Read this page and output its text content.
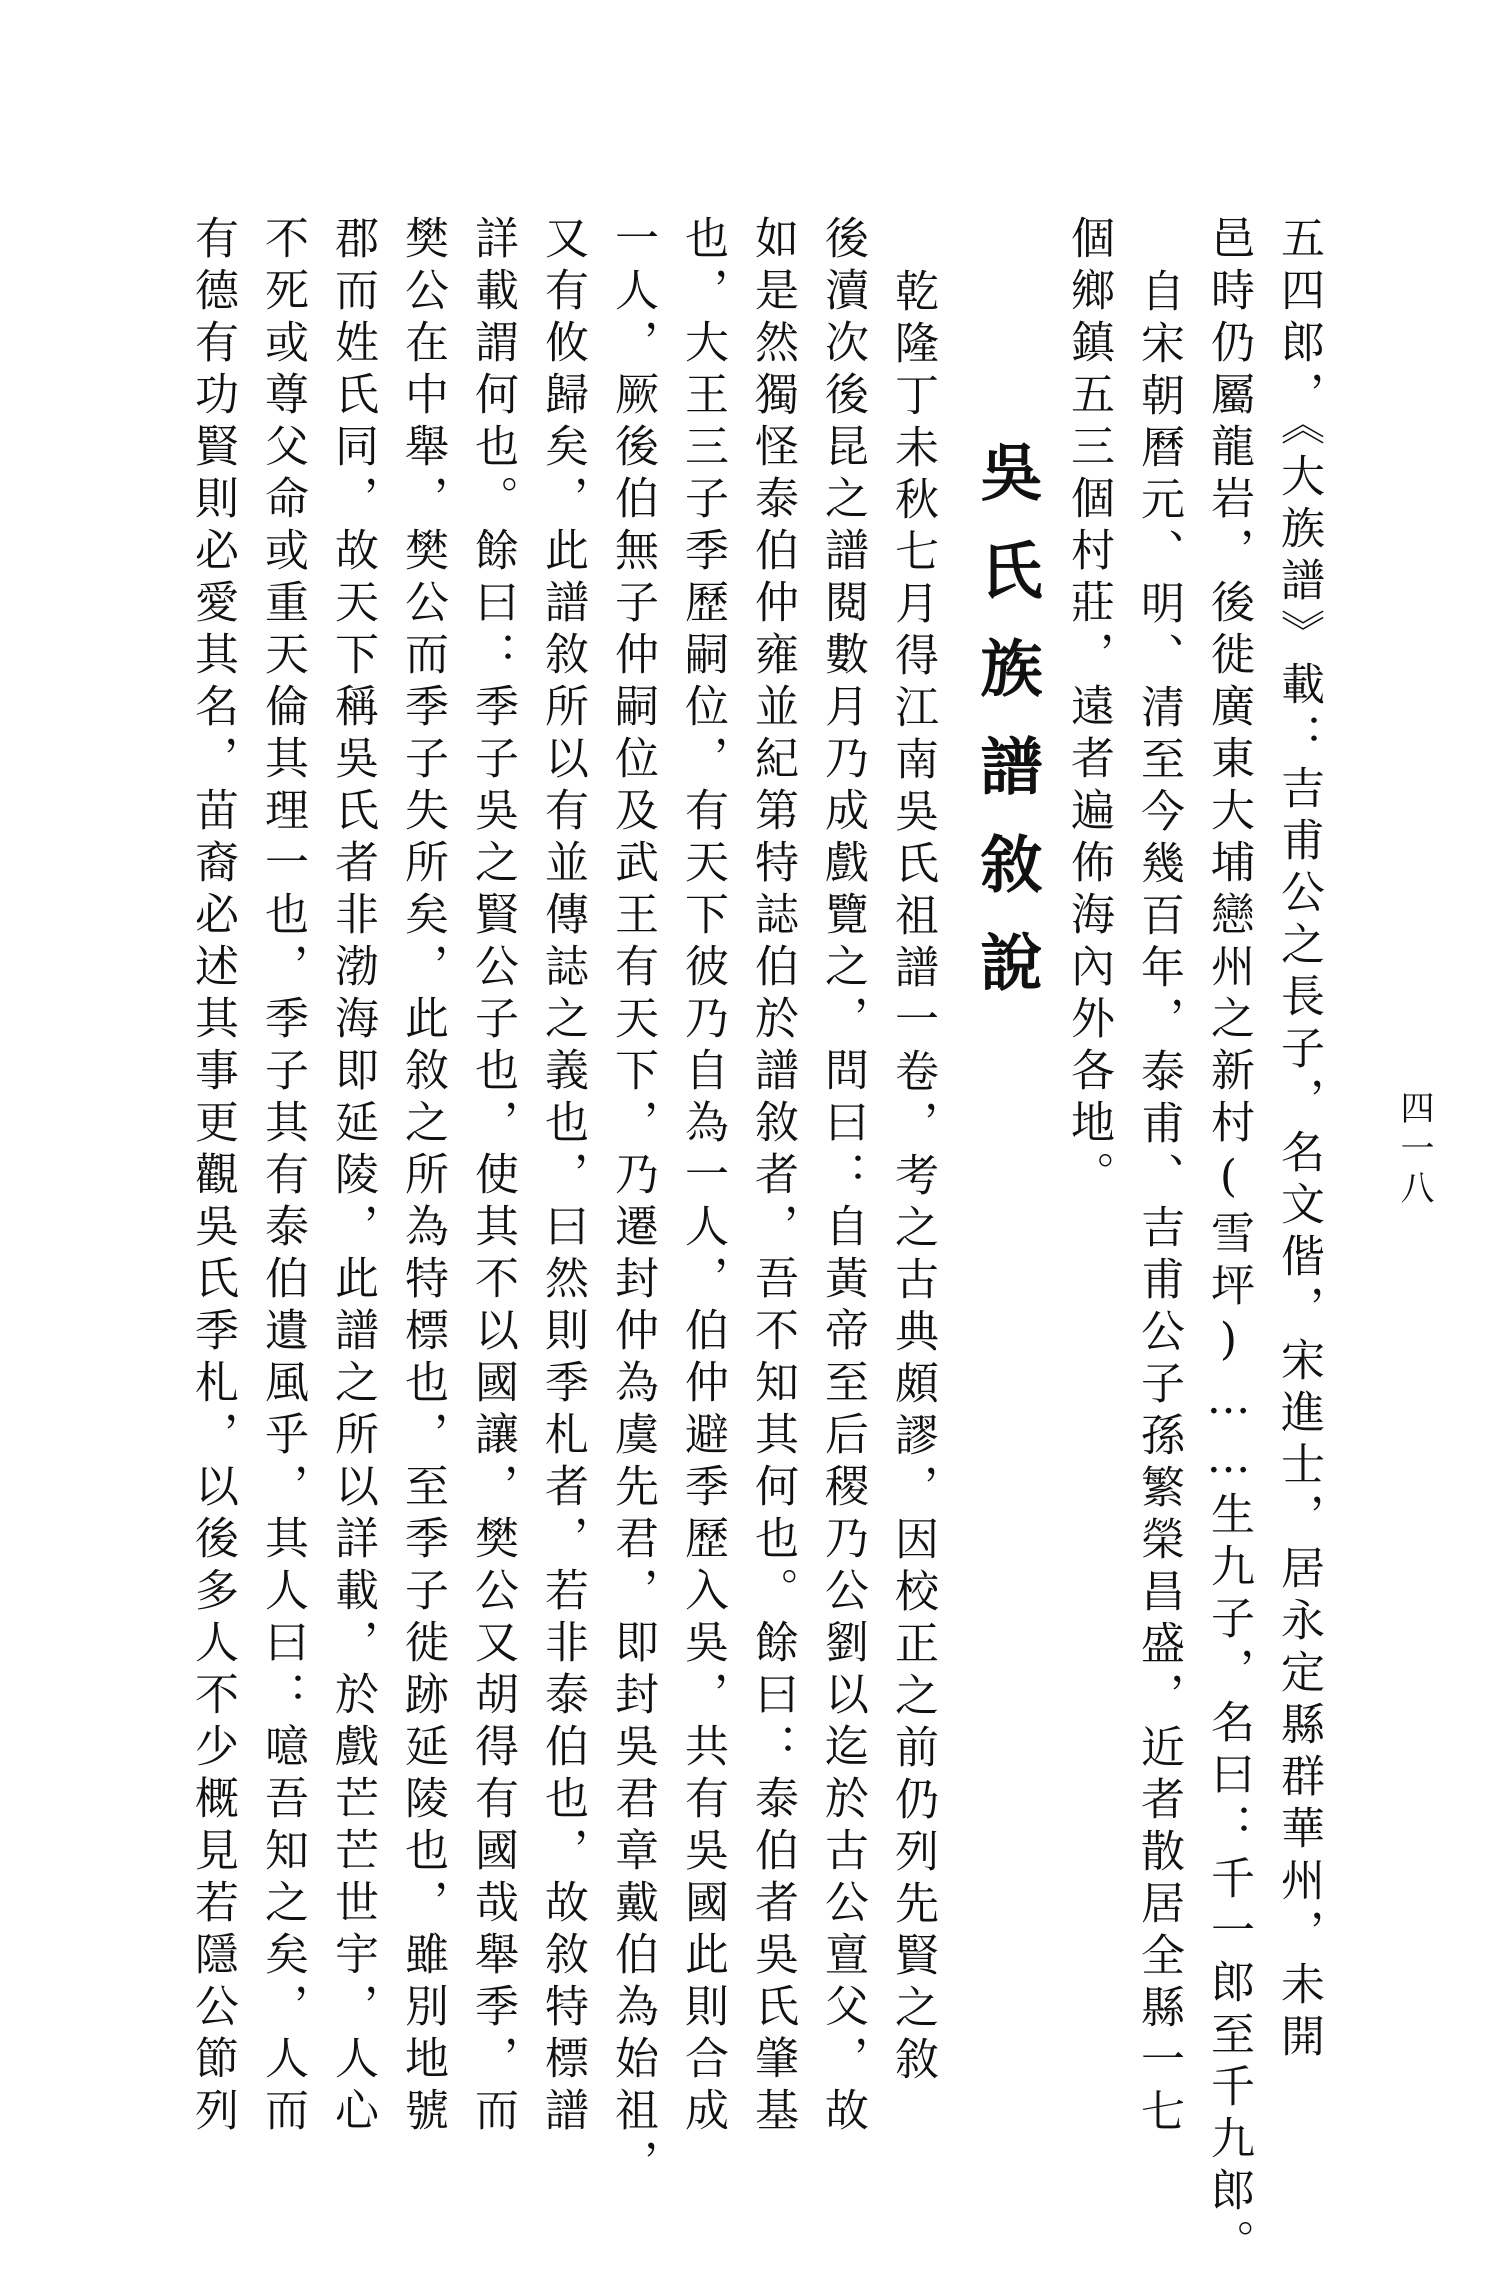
四一八
五四郎，《大族譜》載：吉甫公之長子，名文偕，宋進士，居永定縣群華州，未開
邑時仍屬龍岩，後徙廣東大埔戀州之新村(雪坪)……生九子，名曰：千一郎至千九郎。
自宋朝曆元、明、清至今幾百年，泰甫、吉甫公子孫繁榮昌盛，近者散居全縣一七
個鄉鎮五三個村莊，遠者遍佈海內外各地。
吳氏族譜敘說
乾隆丁未秋七月得江南吳氏祖譜一卷，考之古典頗謬，因校正之前仍列先賢之敘
後瀆次後昆之譜閱數月乃成戲覽之，問曰：自黃帝至后稷乃公劉以迄於古公亶父，故
如是然獨怪泰伯仲雍並紀第特誌伯於譜敘者，吾不知其何也。餘曰：泰伯者吳氏肇基
也，大王三子季歷嗣位，有天下彼乃自為一人，伯仲避季歷入吳，共有吳國此則合成
一人，厥後伯無子仲嗣位及武王有天下，乃遷封仲為虞先君，即封吳君章戴伯為始祖，
又有攸歸矣，此譜敘所以有並傳誌之義也，曰然則季札者，若非泰伯也，故敘特標譜
詳載謂何也。餘曰：季子吳之賢公子也，使其不以國讓，樊公又胡得有國哉舉季，而
樊公在中舉，樊公而季子失所矣，此敘之所為特標也，至季子徙跡延陵也，雖別地號
郡而姓氏同，故天下稱吳氏者非渤海即延陵，此譜之所以詳載，於戲芒芒世宇，人心
不死或尊父命或重天倫其理一也，季子其有泰伯遺風乎，其人曰：噫吾知之矣，人而
有德有功賢則必愛其名，苗裔必述其事更觀吳氏季札，以後多人不少概見若隱公節列
